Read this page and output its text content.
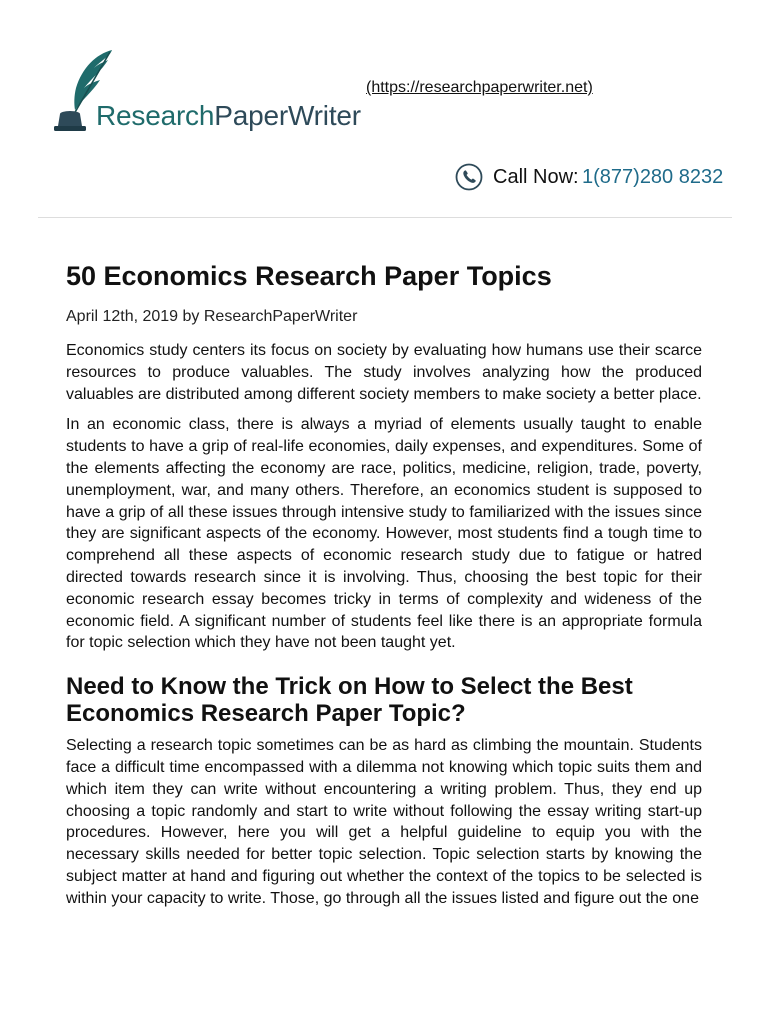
ResearchPaperWriter
(https://researchpaperwriter.net)
Call Now: 1(877)280 8232
50 Economics Research Paper Topics
April 12th, 2019 by ResearchPaperWriter

Economics study centers its focus on society by evaluating how humans use their scarce resources to produce valuables. The study involves analyzing how the produced valuables are distributed among different society members to make society a better place.

In an economic class, there is always a myriad of elements usually taught to enable students to have a grip of real-life economies, daily expenses, and expenditures. Some of the elements affecting the economy are race, politics, medicine, religion, trade, poverty, unemployment, war, and many others. Therefore, an economics student is supposed to have a grip of all these issues through intensive study to familiarized with the issues since they are significant aspects of the economy. However, most students find a tough time to comprehend all these aspects of economic research study due to fatigue or hatred directed towards research since it is involving. Thus, choosing the best topic for their economic research essay becomes tricky in terms of complexity and wideness of the economic field. A significant number of students feel like there is an appropriate formula for topic selection which they have not been taught yet.

Need to Know the Trick on How to Select the Best Economics Research Paper Topic?

Selecting a research topic sometimes can be as hard as climbing the mountain. Students face a difficult time encompassed with a dilemma not knowing which topic suits them and which item they can write without encountering a writing problem. Thus, they end up choosing a topic randomly and start to write without following the essay writing start-up procedures. However, here you will get a helpful guideline to equip you with the necessary skills needed for better topic selection. Topic selection starts by knowing the subject matter at hand and figuring out whether the context of the topics to be selected is within your capacity to write. Those, go through all the issues listed and figure out the one
